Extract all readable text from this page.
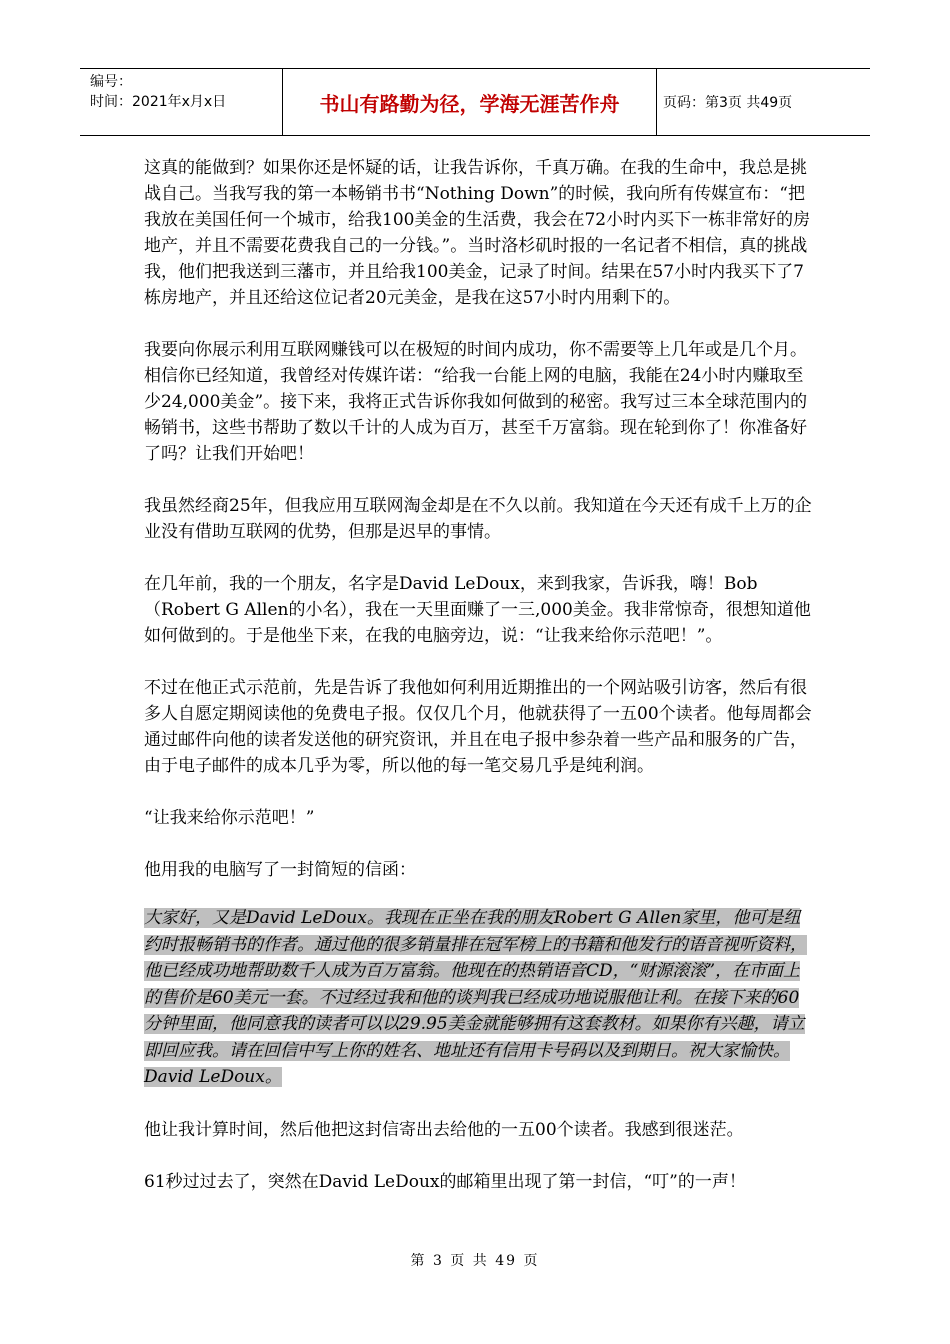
编号：
时间：2021年x月x日	书山有路勤为径，学海无涯苦作舟	页码：第3页 共49页

这真的能做到？如果你还是怀疑的话，让我告诉你，千真万确。在我的生命中，我总是挑战自己。当我写我的第一本畅销书书“Nothing Down”的时候，我向所有传媒宣布：“把我放在美国任何一个城市，给我100美金的生活费，我会在72小时内买下一栋非常好的房地产，并且不需要花费我自己的一分钱。”。当时洛杉矶时报的一名记者不相信，真的挑战我，他们把我送到三藩市，并且给我100美金，记录了时间。结果在57小时内我买下了7栋房地产，并且还给这位记者20元美金，是我在这57小时内用剩下的。

我要向你展示利用互联网赚钱可以在极短的时间内成功，你不需要等上几年或是几个月。相信你已经知道，我曾经对传媒许诺：“给我一台能上网的电脑，我能在24小时内赚取至少24,000美金”。接下来，我将正式告诉你我如何做到的秘密。我写过三本全球范围内的畅销书，这些书帮助了数以千计的人成为百万，甚至千万富翁。现在轮到你了！你准备好了吗？让我们开始吧！

我虽然经商25年，但我应用互联网淘金却是在不久以前。我知道在今天还有成千上万的企业没有借助互联网的优势，但那是迟早的事情。

在几年前，我的一个朋友，名字是David LeDoux，来到我家，告诉我，嗨！Bob（Robert G Allen的小名），我在一天里面赚了一三,000美金。我非常惊奇，很想知道他如何做到的。于是他坐下来，在我的电脑旁边，说：“让我来给你示范吧！”。

不过在他正式示范前，先是告诉了我他如何利用近期推出的一个网站吸引访客，然后有很多人自愿定期阅读他的免费电子报。仅仅几个月，他就获得了一五00个读者。他每周都会通过邮件向他的读者发送他的研究资讯，并且在电子报中参杂着一些产品和服务的广告，由于电子邮件的成本几乎为零，所以他的每一笔交易几乎是纯利润。

“让我来给你示范吧！”

他用我的电脑写了一封简短的信函：

大家好，又是David LeDoux。我现在正坐在我的朋友Robert G Allen家里，他可是纽约时报畅销书的作者。通过他的很多销量排在冠军榜上的书籍和他发行的语音视听资料，他已经成功地帮助数千人成为百万富翁。他现在的热销语音CD，“财源滚滚”，在市面上的售价是60美元一套。不过经过我和他的谈判我已经成功地说服他让利。在接下来的60分钟里面，他同意我的读者可以以29.95美金就能够拥有这套教材。如果你有兴趣，请立即回应我。请在回信中写上你的姓名、地址还有信用卡号码以及到期日。祝大家愉快。David LeDoux。

他让我计算时间，然后他把这封信寄出去给他的一五00个读者。我感到很迷茫。

61秒过过去了，突然在David LeDoux的邮箱里出现了第一封信，“叮”的一声！

第 3 页 共 49 页
